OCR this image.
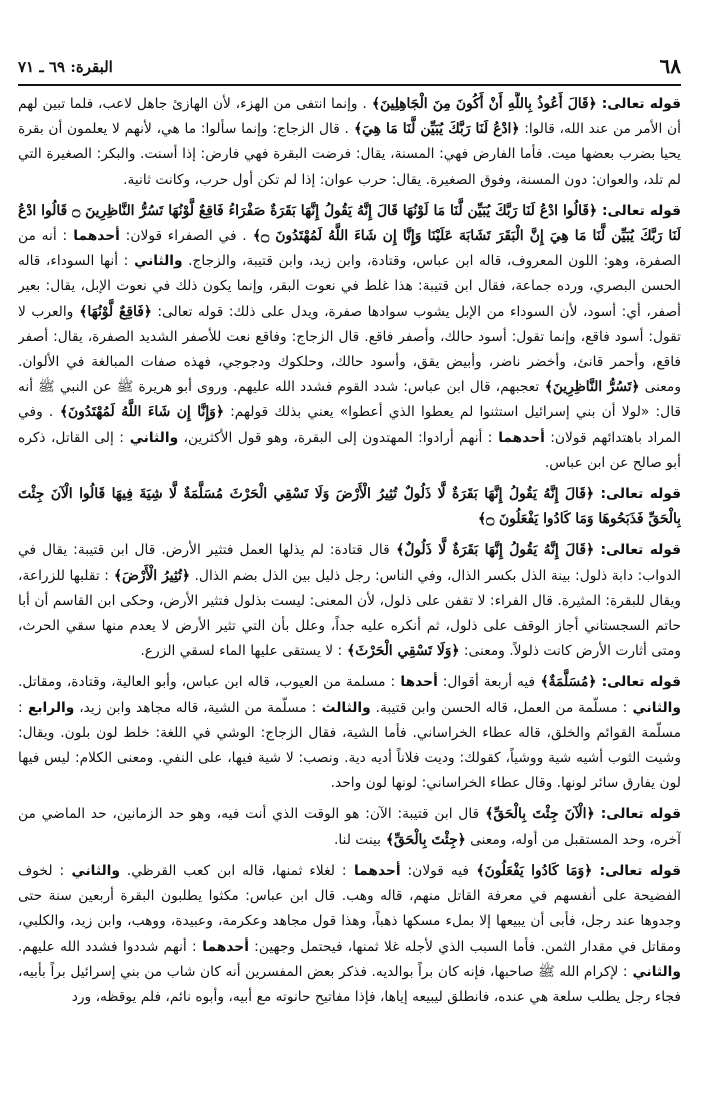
٦٨
البقرة: ٦٩ ـ ٧١

قوله تعالى: ﴿قَالَ أَعُوذُ بِاللَّهِ أَنْ أَكُونَ مِنَ الْجَاهِلِينَ﴾ . وإنما انتفى من الهزء، لأن الهازئ جاهل لاعب، فلما تبين لهم أن الأمر من عند الله، قالوا: ﴿ادْعُ لَنَا رَبَّكَ يُبَيِّن لَّنَا مَا هِيَ﴾ . قال الزجاج: وإنما سألوا: ما هي، لأنهم لا يعلمون أن بقرة يحيا بضرب بعضها ميت. فأما الفارض فهي: المسنة، يقال: فرضت البقرة فهي فارض: إذا أسنت. والبكر: الصغيرة التي لم تلد، والعوان: دون المسنة، وفوق الصغيرة. يقال: حرب عوان: إذا لم تكن أول حرب، وكانت ثانية.

قوله تعالى: ﴿قَالُوا ادْعُ لَنَا رَبَّكَ يُبَيِّن لَّنَا مَا لَوْنُهَا قَالَ إِنَّهُ يَقُولُ إِنَّهَا بَقَرَةٌ صَفْرَاءُ فَاقِعٌ لَّوْنُهَا تَسُرُّ النَّاظِرِينَ ۝ قَالُوا ادْعُ لَنَا رَبَّكَ يُبَيِّن لَّنَا مَا هِيَ إِنَّ الْبَقَرَ تَشَابَهَ عَلَيْنَا وَإِنَّا إِن شَاءَ اللَّهُ لَمُهْتَدُونَ ۝﴾ . في الصفراء قولان: أحدهما : أنه من الصفرة، وهو: اللون المعروف، قاله ابن عباس، وقتادة، وابن زيد، وابن قتيبة، والزجاج. والثاني : أنها السوداء، قاله الحسن البصري، ورده جماعة، فقال ابن قتيبة: هذا غلط في نعوت البقر، وإنما يكون ذلك في نعوت الإبل، يقال: بعير أصفر، أي: أسود، لأن السوداء من الإبل يشوب سوادها صفرة، ويدل على ذلك: قوله تعالى: ﴿فَاقِعٌ لَّوْنُهَا﴾ والعرب لا تقول: أسود فاقع، وإنما تقول: أسود حالك، وأصفر فاقع. قال الزجاج: وفاقع نعت للأصفر الشديد الصفرة، يقال: أصفر فاقع، وأحمر قانئ، وأخضر ناضر، وأبيض يقق، وأسود حالك، وحلكوك ودجوجي، فهذه صفات المبالغة في الألوان. ومعنى ﴿تَسُرُّ النَّاظِرِينَ﴾ تعجبهم، قال ابن عباس: شدد القوم فشدد الله عليهم. وروى أبو هريرة ﷺ عن النبي ﷺ أنه قال: «لولا أن بني إسرائيل استثنوا لم يعطوا الذي أعطوا» يعني بذلك قولهم: ﴿وَإِنَّا إِن شَاءَ اللَّهُ لَمُهْتَدُونَ﴾ . وفي المراد باهتدائهم قولان: أحدهما : أنهم أرادوا: المهتدون إلى البقرة، وهو قول الأكثرين، والثاني : إلى القاتل، ذكره أبو صالح عن ابن عباس.

قوله تعالى: ﴿قَالَ إِنَّهُ يَقُولُ إِنَّهَا بَقَرَةٌ لَّا ذَلُولٌ تُثِيرُ الْأَرْضَ وَلَا تَسْقِي الْحَرْثَ مُسَلَّمَةٌ لَّا شِيَةَ فِيهَا قَالُوا الْآنَ جِئْتَ بِالْحَقِّ فَذَبَحُوهَا وَمَا كَادُوا يَفْعَلُونَ ۝﴾

قوله تعالى: ﴿قَالَ إِنَّهُ يَقُولُ إِنَّهَا بَقَرَةٌ لَّا ذَلُولٌ﴾ قال قتادة: لم يذلها العمل فتثير الأرض. قال ابن قتيبة: يقال في الدواب: دابة ذلول: بينة الذل بكسر الذال، وفي الناس: رجل ذليل بين الذل بضم الذال. ﴿تُثِيرُ الْأَرْضَ﴾ : تقلبها للزراعة، ويقال للبقرة: المثيرة. قال الفراء: لا تقفن على ذلول، لأن المعنى: ليست بذلول فتثير الأرض، وحكى ابن القاسم أن أبا حاتم السجستاني أجاز الوقف على ذلول، ثم أنكره عليه جداً، وعلل بأن التي تثير الأرض لا يعدم منها سقي الحرث، ومتى أثارت الأرض كانت ذلولاً. ومعنى: ﴿وَلَا تَسْقِي الْحَرْثَ﴾ : لا يستقى عليها الماء لسقي الزرع.

قوله تعالى: ﴿مُسَلَّمَةٌ﴾ فيه أربعة أقوال: أحدها : مسلمة من العيوب، قاله ابن عباس، وأبو العالية، وقتادة، ومقاتل. والثاني : مسلّمة من العمل، قاله الحسن وابن قتيبة. والثالث : مسلّمة من الشية، قاله مجاهد وابن زيد، والرابع : مسلّمة القوائم والخلق، قاله عطاء الخراساني. فأما الشية، فقال الزجاج: الوشي في اللغة: خلط لون بلون. ويقال: وشيت الثوب أشيه شية ووشياً، كقولك: وديت فلاناً أديه دية. ونصب: لا شية فيها، على النفي. ومعنى الكلام: ليس فيها لون يفارق سائر لونها. وقال عطاء الخراساني: لونها لون واحد.

قوله تعالى: ﴿الْآنَ جِئْتَ بِالْحَقِّ﴾ قال ابن قتيبة: الآن: هو الوقت الذي أنت فيه، وهو حد الزمانين، حد الماضي من آخره، وحد المستقبل من أوله، ومعنى ﴿جِئْتَ بِالْحَقِّ﴾ بينت لنا.

قوله تعالى: ﴿وَمَا كَادُوا يَفْعَلُونَ﴾ فيه قولان: أحدهما : لغلاء ثمنها، قاله ابن كعب القرظي. والثاني : لخوف الفضيحة على أنفسهم في معرفة القاتل منهم، قاله وهب. قال ابن عباس: مكثوا يطلبون البقرة أربعين سنة حتى وجدوها عند رجل، فأبى أن يبيعها إلا بملء مسكها ذهباً، وهذا قول مجاهد وعكرمة، وعبيدة، ووهب، وابن زيد، والكلبي، ومقاتل في مقدار الثمن. فأما السبب الذي لأجله غلا ثمنها، فيحتمل وجهين: أحدهما : أنهم شددوا فشدد الله عليهم. والثاني : لإكرام الله ﷺ صاحبها، فإنه كان براً بوالديه. فذكر بعض المفسرين أنه كان شاب من بني إسرائيل براً بأبيه، فجاء رجل يطلب سلعة هي عنده، فانطلق ليبيعه إياها، فإذا مفاتيح حانوته مع أبيه، وأبوه نائم، فلم يوقظه، ورد
